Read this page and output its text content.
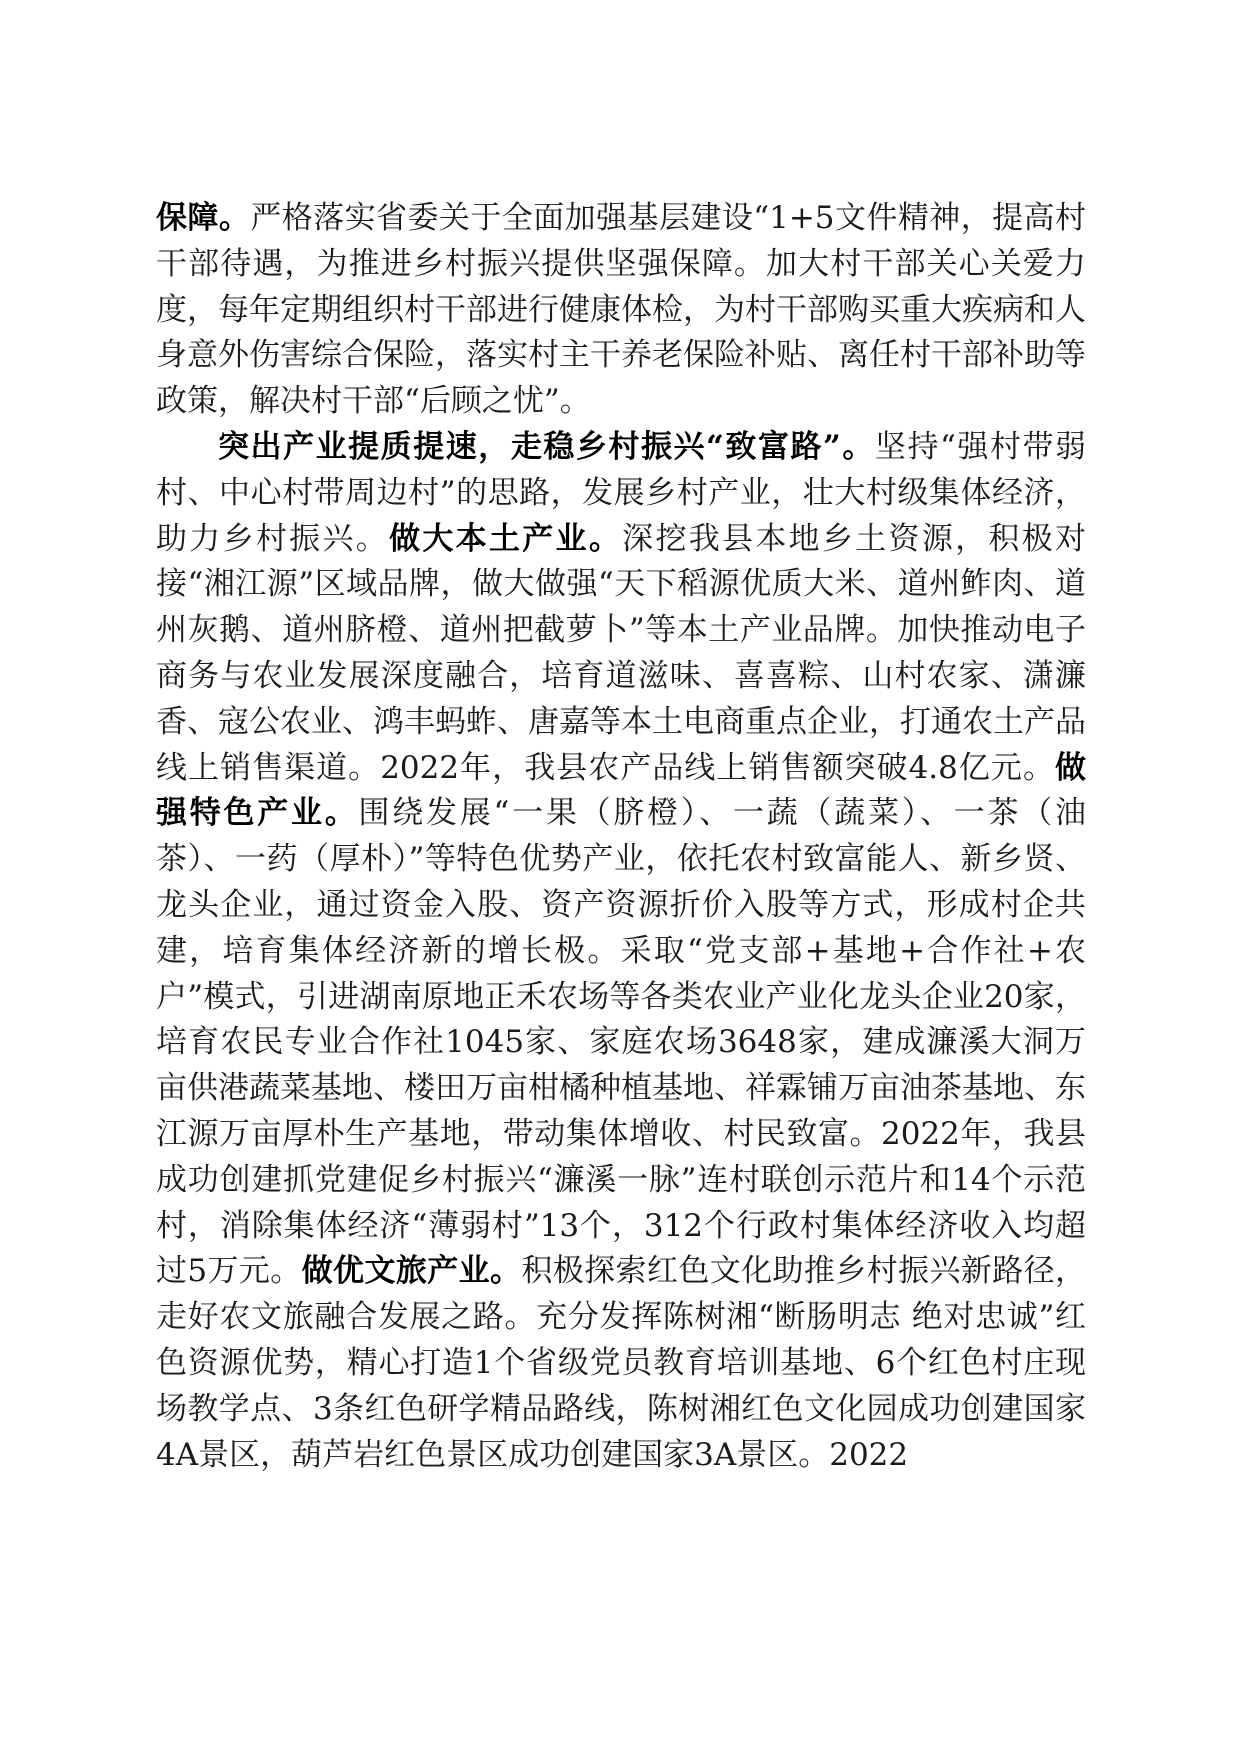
保障。严格落实省委关于全面加强基层建设“1+5文件精神，提高村干部待遇，为推进乡村振兴提供坚强保障。加大村干部关心关爱力度，每年定期组织村干部进行健康体检，为村干部购买重大疾病和人身意外伤害综合保险，落实村主干养老保险补贴、离任村干部补助等政策，解决村干部“后顾之忧”。

突出产业提质提速，走稳乡村振兴“致富路”。坚持“强村带弱村、中心村带周边村”的思路，发展乡村产业，壮大村级集体经济，助力乡村振兴。做大本土产业。深挖我县本地乡土资源，积极对接“湘江源”区域品牌，做大做强“天下稻源优质大米、道州鲊肉、道州灰鹅、道州脐橙、道州把截萝卜”等本土产业品牌。加快推动电子商务与农业发展深度融合，培育道滋味、喜喜粽、山村农家、潇濂香、寇公农业、鸿丰蚂蚱、唐嘉等本土电商重点企业，打通农土产品线上销售渠道。2022年，我县农产品线上销售额突破4.8亿元。做强特色产业。围绕发展“一果（脐橙）、一蔬（蔬菜）、一茶（油茶）、一药（厚朴）”等特色优势产业，依托农村致富能人、新乡贤、龙头企业，通过资金入股、资产资源折价入股等方式，形成村企共建，培育集体经济新的增长极。采取“党支部+基地+合作社+农户”模式，引进湖南原地正禾农场等各类农业产业化龙头企业20家，培育农民专业合作社1045家、家庭农场3648家，建成濂溪大洞万亩供港蔬菜基地、楼田万亩柑橘种植基地、祥霖铺万亩油茶基地、东江源万亩厚朴生产基地，带动集体增收、村民致富。2022年，我县成功创建抓党建促乡村振兴“濂溪一脉”连村联创示范片和14个示范村，消除集体经济“薄弱村”13个，312个行政村集体经济收入均超过5万元。做优文旅产业。积极探索红色文化助推乡村振兴新路径，走好农文旅融合发展之路。充分发挥陈树湘“断肠明志 绝对忠诚”红色资源优势，精心打造1个省级党员教育培训基地、6个红色村庄现场教学点、3条红色研学精品路线，陈树湘红色文化园成功创建国家4A景区，葫芦岩红色景区成功创建国家3A景区。2022
